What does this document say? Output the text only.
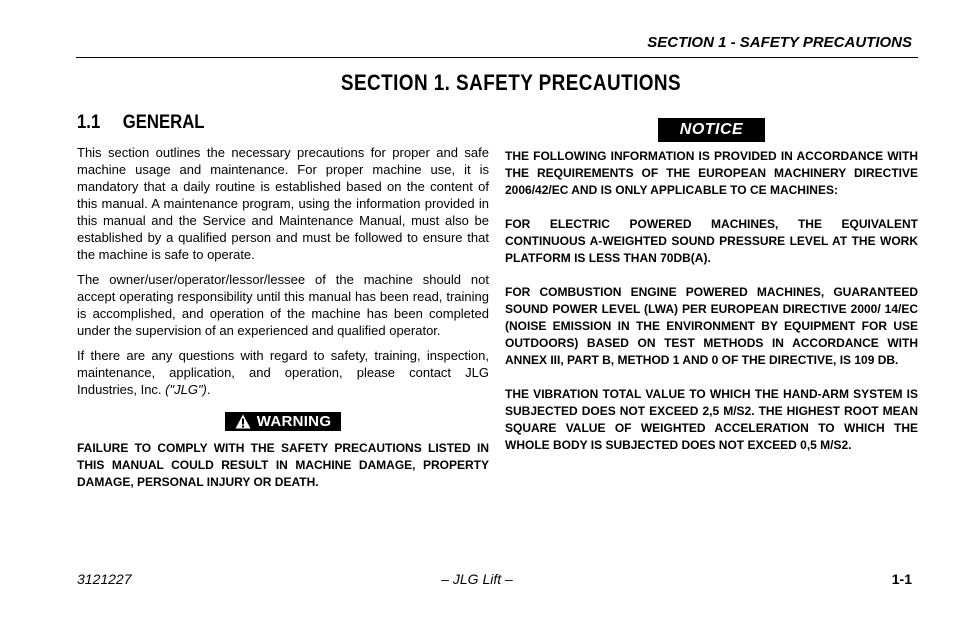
SECTION 1 - SAFETY PRECAUTIONS
SECTION 1. SAFETY PRECAUTIONS
1.1 GENERAL

This section outlines the necessary precautions for proper and safe machine usage and maintenance. For proper machine use, it is mandatory that a daily routine is established based on the content of this manual. A maintenance program, using the information provided in this manual and the Service and Maintenance Manual, must also be established by a qualified person and must be followed to ensure that the machine is safe to operate.

The owner/user/operator/lessor/lessee of the machine should not accept operating responsibility until this manual has been read, training is accomplished, and operation of the machine has been completed under the supervision of an experienced and qualified operator.

If there are any questions with regard to safety, training, inspection, maintenance, application, and operation, please contact JLG Industries, Inc. ("JLG").

WARNING

FAILURE TO COMPLY WITH THE SAFETY PRECAUTIONS LISTED IN THIS MANUAL COULD RESULT IN MACHINE DAMAGE, PROPERTY DAMAGE, PERSONAL INJURY OR DEATH.

NOTICE

THE FOLLOWING INFORMATION IS PROVIDED IN ACCORDANCE WITH THE REQUIREMENTS OF THE EUROPEAN MACHINERY DIRECTIVE 2006/42/EC AND IS ONLY APPLICABLE TO CE MACHINES:

FOR ELECTRIC POWERED MACHINES, THE EQUIVALENT CONTINUOUS A-WEIGHTED SOUND PRESSURE LEVEL AT THE WORK PLATFORM IS LESS THAN 70DB(A).

FOR COMBUSTION ENGINE POWERED MACHINES, GUARANTEED SOUND POWER LEVEL (LWA) PER EUROPEAN DIRECTIVE 2000/ 14/EC (NOISE EMISSION IN THE ENVIRONMENT BY EQUIPMENT FOR USE OUTDOORS) BASED ON TEST METHODS IN ACCORDANCE WITH ANNEX III, PART B, METHOD 1 AND 0 OF THE DIRECTIVE, IS 109 DB.

THE VIBRATION TOTAL VALUE TO WHICH THE HAND-ARM SYSTEM IS SUBJECTED DOES NOT EXCEED 2,5 M/S2. THE HIGHEST ROOT MEAN SQUARE VALUE OF WEIGHTED ACCELERATION TO WHICH THE WHOLE BODY IS SUBJECTED DOES NOT EXCEED 0,5 M/S2.

3121227	– JLG Lift –	1-1
